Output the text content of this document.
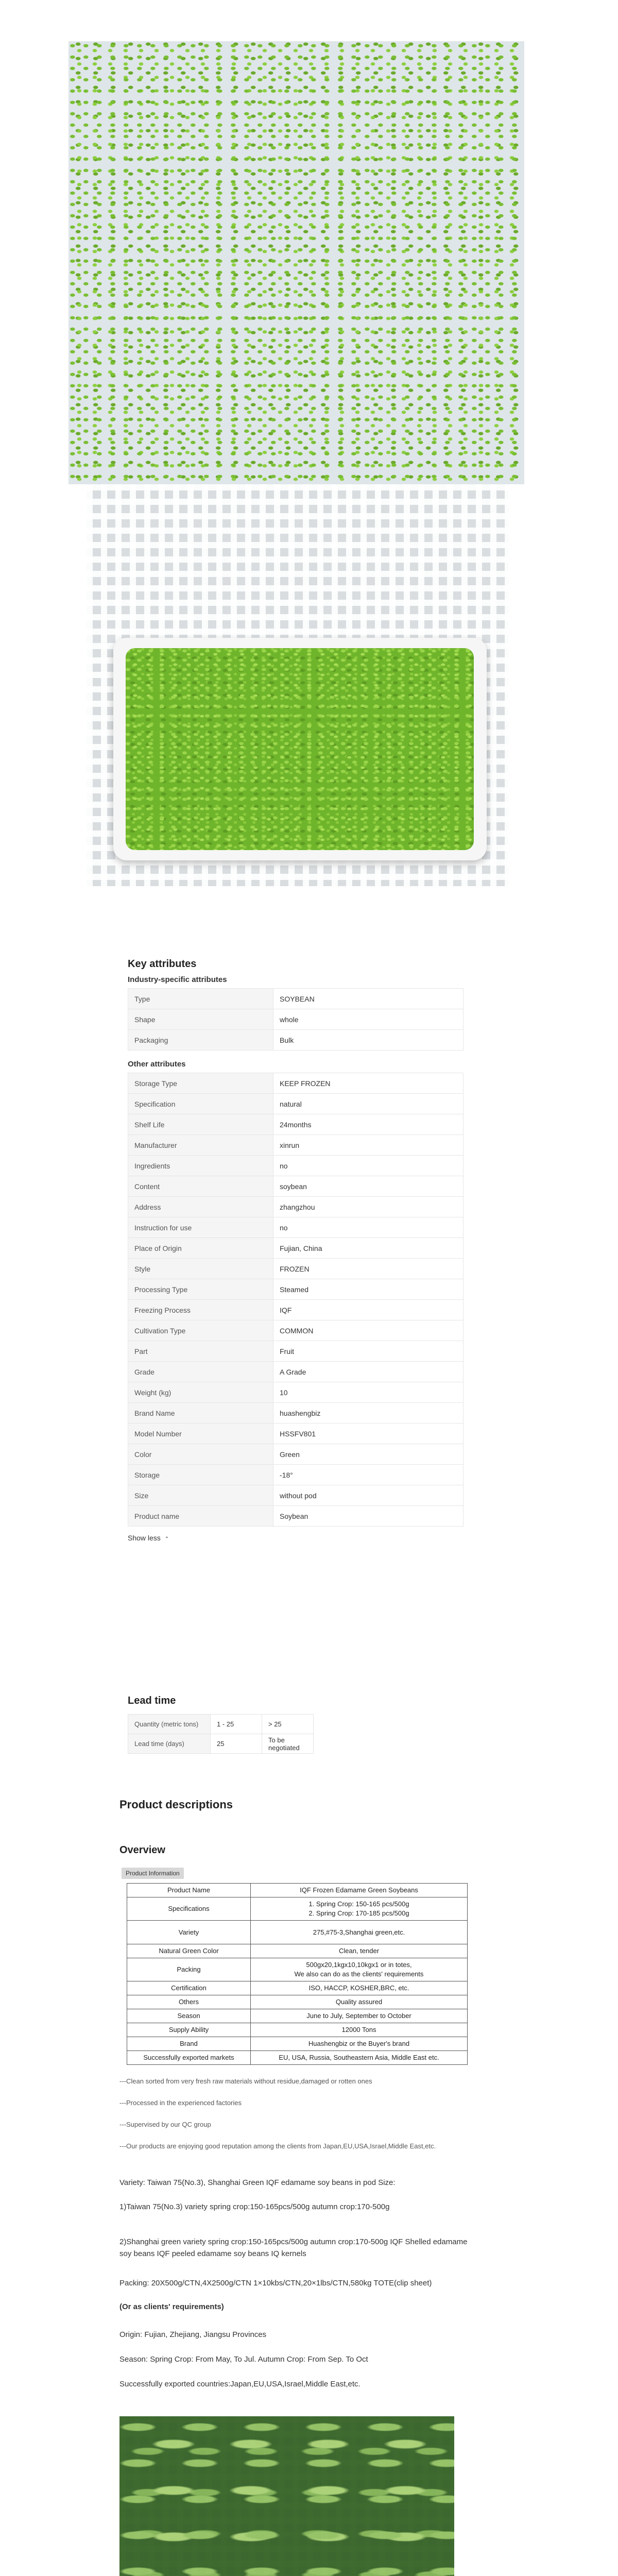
Key attributes
Industry-specific attributes
Type	SOYBEAN
Shape	whole
Packaging	Bulk
Other attributes
Storage Type	KEEP FROZEN
Specification	natural
Shelf Life	24months
Manufacturer	xinrun
Ingredients	no
Content	soybean
Address	zhangzhou
Instruction for use	no
Place of Origin	Fujian, China
Style	FROZEN
Processing Type	Steamed
Freezing Process	IQF
Cultivation Type	COMMON
Part	Fruit
Grade	A Grade
Weight (kg)	10
Brand Name	huashengbiz
Model Number	HSSFV801
Color	Green
Storage	-18°
Size	without pod
Product name	Soybean
Show less ⌃
Lead time
Quantity (metric tons)	1 - 25	> 25
Lead time (days)	25	To be negotiated
Product descriptions
Overview
Product Information
Product Name	IQF Frozen Edamame Green Soybeans
Specifications	1. Spring Crop: 150-165 pcs/500g
2. Spring Crop: 170-185 pcs/500g
Variety	275,#75-3,Shanghai green,etc.
Natural Green Color	Clean, tender
Packing	500gx20,1kgx10,10kgx1 or in totes,
We also can do as the clients' requirements
Certification	ISO, HACCP, KOSHER,BRC, etc.
Others	Quality assured
Season	June to July, September to October
Supply Ability	12000 Tons
Brand	Huashengbiz or the Buyer's brand
Successfully exported markets	EU, USA, Russia, Southeastern Asia, Middle East etc.
---Clean sorted from very fresh raw materials without residue,damaged or rotten ones
---Processed in the experienced factories
---Supervised by our QC group
---Our products are enjoying good reputation among the clients from Japan,EU,USA,Israel,Middle East,etc.
Variety: Taiwan 75(No.3), Shanghai Green IQF edamame soy beans in pod Size:
1)Taiwan 75(No.3) variety spring crop:150-165pcs/500g autumn crop:170-500g
2)Shanghai green variety spring crop:150-165pcs/500g autumn crop:170-500g IQF Shelled edamame soy beans IQF peeled edamame soy beans IQ kernels
Packing: 20X500g/CTN,4X2500g/CTN 1×10kbs/CTN,20×1lbs/CTN,580kg TOTE(clip sheet)
(Or as clients' requirements)
Origin: Fujian, Zhejiang, Jiangsu Provinces
Season: Spring Crop: From May, To Jul. Autumn Crop: From Sep. To Oct
Successfully exported countries:Japan,EU,USA,Israel,Middle East,etc.
